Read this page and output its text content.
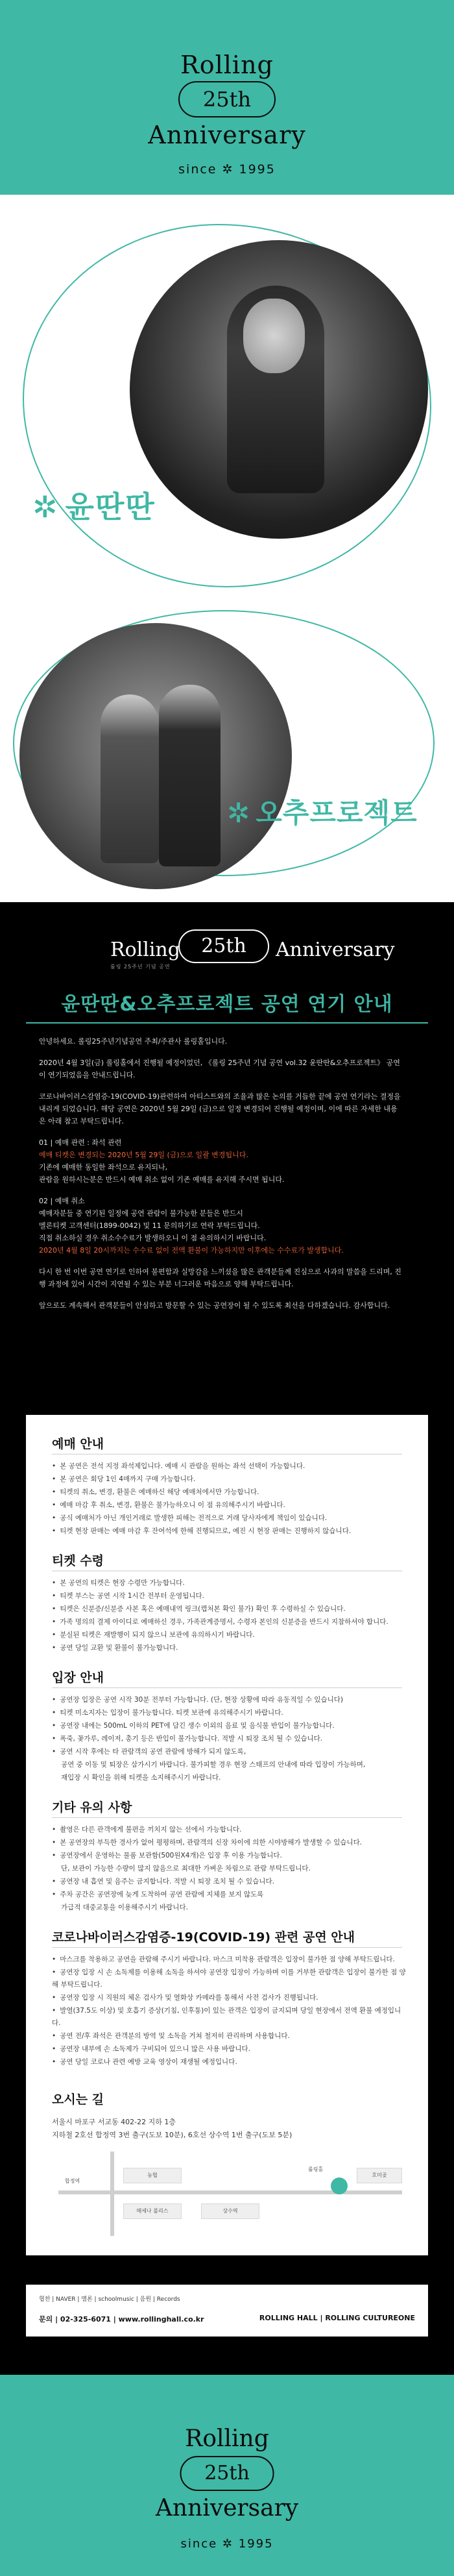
Rolling
25th
Anniversary
since ✲ 1995
✲ 윤딴딴
✲ 오추프로젝트
Rolling	25th	Anniversary
롤링 25주년 기념 공연
윤딴딴&오추프로젝트 공연 연기 안내

안녕하세요. 롤링25주년기념공연 주최/주관사 롤링홀입니다.

2020년 4월 3일(금) 롤링홀에서 진행될 예정이었던, 《롤링 25주년 기념 공연 vol.32 윤딴딴&오추프로젝트》 공연이 연기되었음을 안내드립니다.

코로나바이러스감염증-19(COVID-19)관련하여 아티스트와의 조율과 많은 논의를 거듭한 끝에 공연 연기라는 결정을 내리게 되었습니다. 해당 공연은 2020년 5월 29일 (금)으로 일정 변경되어 진행될 예정이며, 이에 따른 자세한 내용은 아래 참고 부탁드립니다.

01 | 예매 관련 : 좌석 관련
예매 티켓은 변경되는 2020년 5월 29일 (금)으로 일괄 변경됩니다.
기존에 예매한 동일한 좌석으로 유지되나,
관람을 원하시는분은 반드시 예매 취소 없이 기존 예매를 유지해 주시면 됩니다.

02 | 예매 취소
예매자분들 중 연기된 일정에 공연 관람이 불가능한 분들은 반드시
멜론티켓 고객센터(1899-0042) 및 11 문의하기로 연락 부탁드립니다.
직접 취소하실 경우 취소수수료가 발생하오니 이 점 유의하시기 바랍니다.
2020년 4월 8일 20시까지는 수수료 없이 전액 환불이 가능하지만 이후에는 수수료가 발생합니다.

다시 한 번 이번 공연 연기로 인하여 불편함과 실망감을 느끼셨을 많은 관객분들께 진심으로 사과의 말씀을 드리며, 진행 과정에 있어 시간이 지연될 수 있는 부분 너그러운 마음으로 양해 부탁드립니다.

앞으로도 계속해서 관객분들이 안심하고 방문할 수 있는 공연장이 될 수 있도록 최선을 다하겠습니다. 감사합니다.

예매 안내
• 본 공연은 전석 지정 좌석제입니다. 예매 시 관람을 원하는 좌석 선택이 가능합니다.
• 본 공연은 회당 1인 4매까지 구매 가능합니다.
• 티켓의 취소, 변경, 환불은 예매하신 해당 예매처에서만 가능합니다.
• 예매 마감 후 취소, 변경, 환불은 불가능하오니 이 점 유의해주시기 바랍니다.
• 공식 예매처가 아닌 개인거래로 발생한 피해는 전적으로 거래 당사자에게 책임이 있습니다.
• 티켓 현장 판매는 예매 마감 후 잔여석에 한해 진행되므로, 예진 시 현장 판매는 진행하지 않습니다.
티켓 수령
• 본 공연의 티켓은 현장 수령만 가능합니다.
• 티켓 부스는 공연 시작 1시간 전부터 운영됩니다.
• 티켓은 신분증/신분증 사본 혹은 예매내역 링크(캡처본 확인 불가) 확인 후 수령하실 수 있습니다.
• 가족 명의의 결제 아이디로 예매하신 경우, 가족관계증명서, 수령자 본인의 신분증을 반드시 지참하셔야 합니다.
• 분실된 티켓은 재발행이 되지 않으니 보관에 유의하시기 바랍니다.
• 공연 당일 교환 및 환불이 불가능합니다.
입장 안내
• 공연장 입장은 공연 시작 30분 전부터 가능합니다. (단, 현장 상황에 따라 유동적일 수 있습니다)
• 티켓 미소지자는 입장이 불가능합니다. 티켓 보관에 유의해주시기 바랍니다.
• 공연장 내에는 500mL 이하의 PET에 담긴 생수 이외의 음료 및 음식물 반입이 불가능합니다.
• 폭죽, 꽃가루, 레이저, 총기 등은 반입이 불가능합니다. 적발 시 퇴장 조치 될 수 있습니다.
• 공연 시작 후에는 타 관람객의 공연 관람에 방해가 되지 않도록,
공연 중 이동 및 퇴장은 삼가시기 바랍니다. 불가피할 경우 현장 스태프의 안내에 따라 입장이 가능하며,
재입장 시 확인을 위해 티켓을 소지해주시기 바랍니다.
기타 유의 사항
• 촬영은 다른 관객에게 불편을 끼치지 않는 선에서 가능합니다.
• 본 공연장의 부득한 경사가 없어 평평하며, 관람객의 신장 차이에 의한 시야방해가 발생할 수 있습니다.
• 공연장에서 운영하는 물품 보관함(500원X4개)은 입장 후 이용 가능합니다.
단, 보관이 가능한 수량이 많지 않음으로 최대한 가벼운 차림으로 관람 부탁드립니다.
• 공연장 내 흡연 및 음주는 금지합니다. 적발 시 퇴장 조치 될 수 있습니다.
• 주차 공간은 공연장에 늦게 도착하여 공연 관람에 지체를 보지 않도록
가급적 대중교통을 이용해주시기 바랍니다.
코로나바이러스감염증-19(COVID-19) 관련 공연 안내
• 마스크를 착용하고 공연을 관람해 주시기 바랍니다. 마스크 미착용 관람객은 입장이 불가한 점 양해 부탁드립니다.
• 공연장 입장 시 손 소독제를 이용해 소독을 하셔야 공연장 입장이 가능하며 이를 거부한 관람객은 입장이 불가한 점 양해 부탁드립니다.
• 공연장 입장 시 직원의 체온 검사가 및 열화상 카메라를 통해서 사전 검사가 진행됩니다.
• 발열(37.5도 이상) 및 호흡기 증상(기침, 인후통)이 있는 관객은 입장이 금지되며 당일 현장에서 전액 환불 예정입니다.
• 공연 전/후 좌석은 관객분의 방역 및 소독을 거쳐 철저히 관리하며 사용합니다.
• 공연장 내부에 손 소독제가 구비되어 있으니 많은 사용 바랍니다.
• 공연 당일 코로나 관련 예방 교육 영상이 재생될 예정입니다.
오시는 길
서울시 마포구 서교동 402-22 지하 1층
지하철 2호선 합정역 3번 출구(도보 10분), 6호선 상수역 1번 출구(도보 5분)
합정역
농협
메세나 폴리스	상수역
롤링홀
호미곶
협찬 | NAVER | 멜론 | schoolmusic | 음원 | Records
문의 | 02-325-6071 | www.rollinghall.co.kr	ROLLING HALL | ROLLING CULTUREONE
Rolling
25th
Anniversary
since ✲ 1995
